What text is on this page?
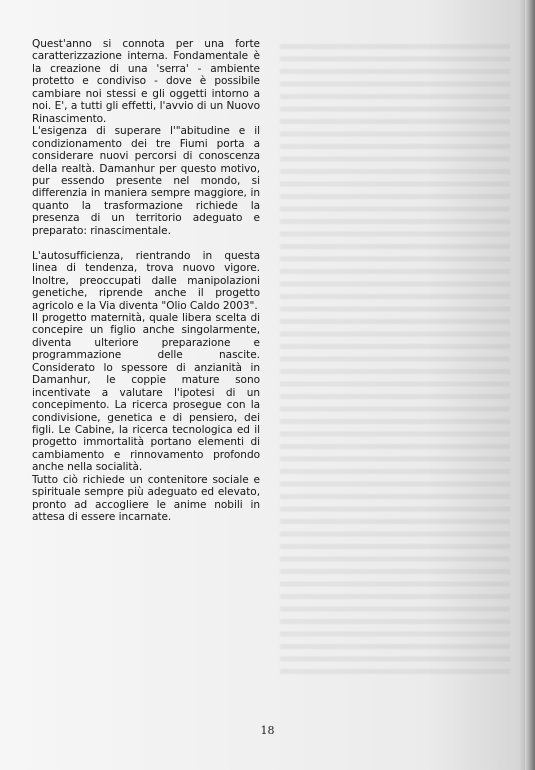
Quest'anno si connota per una forte caratterizzazione interna. Fondamentale è la creazione di una 'serra' - ambiente protetto e condiviso - dove è possibile cambiare noi stessi e gli oggetti intorno a noi. E', a tutti gli effetti, l'avvio di un Nuovo Rinascimento.

L'esigenza di superare l'"abitudine e il condizionamento dei tre Fiumi porta a considerare nuovi percorsi di conoscenza della realtà. Damanhur per questo motivo, pur essendo presente nel mondo, si differenzia in maniera sempre maggiore, in quanto la trasformazione richiede la presenza di un territorio adeguato e preparato: rinascimentale.

L'autosufficienza, rientrando in questa linea di tendenza, trova nuovo vigore. Inoltre, preoccupati dalle manipolazioni genetiche, riprende anche il progetto agricolo e la Via diventa "Olio Caldo 2003".

Il progetto maternità, quale libera scelta di concepire un figlio anche singolarmente, diventa ulteriore preparazione e programmazione delle nascite. Considerato lo spessore di anzianità in Damanhur, le coppie mature sono incentivate a valutare l'ipotesi di un concepimento. La ricerca prosegue con la condivisione, genetica e di pensiero, dei figli. Le Cabine, la ricerca tecnologica ed il progetto immortalità portano elementi di cambiamento e rinnovamento profondo anche nella socialità.

Tutto ciò richiede un contenitore sociale e spirituale sempre più adeguato ed elevato, pronto ad accogliere le anime nobili in attesa di essere incarnate.

18
